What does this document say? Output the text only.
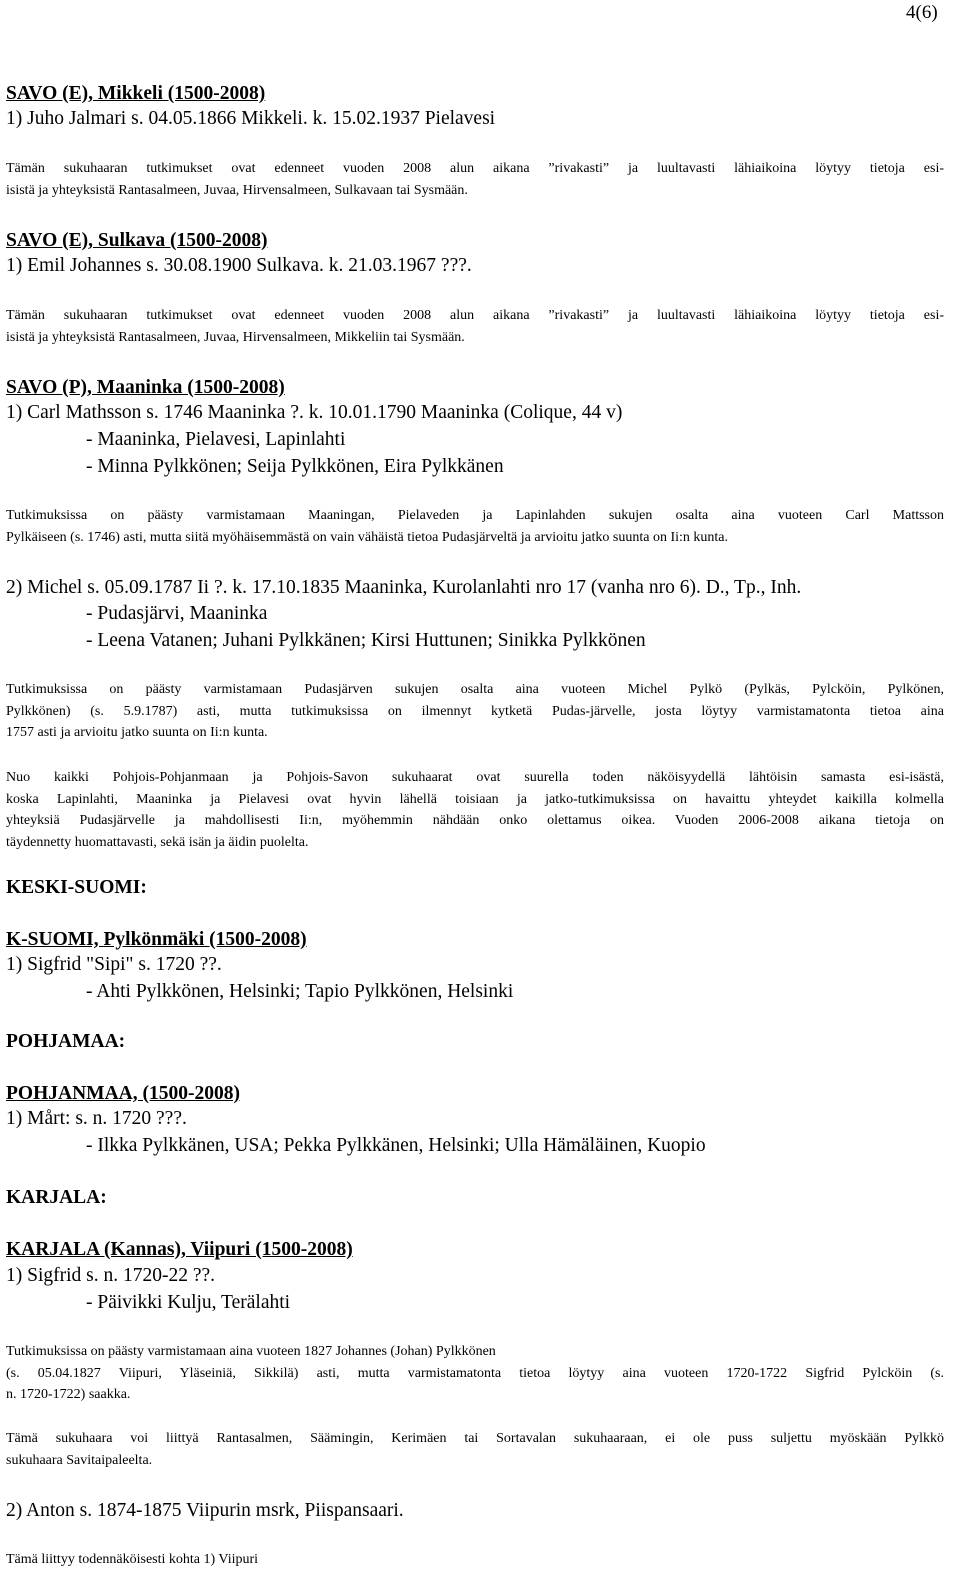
4(6)
SAVO (E), Mikkeli (1500-2008)
1) Juho Jalmari s. 04.05.1866 Mikkeli. k. 15.02.1937 Pielavesi
Tämän sukuhaaran tutkimukset ovat edenneet vuoden 2008 alun aikana ”rivakasti” ja luultavasti lähiaikoina löytyy tietoja esi-
isistä ja yhteyksistä Rantasalmeen, Juvaa, Hirvensalmeen, Sulkavaan tai Sysmään.
SAVO (E), Sulkava (1500-2008)
1) Emil Johannes s. 30.08.1900 Sulkava. k. 21.03.1967 ???.
Tämän sukuhaaran tutkimukset ovat edenneet vuoden 2008 alun aikana ”rivakasti” ja luultavasti lähiaikoina löytyy tietoja esi-
isistä ja yhteyksistä Rantasalmeen, Juvaa, Hirvensalmeen, Mikkeliin tai Sysmään.
SAVO (P), Maaninka (1500-2008)
1) Carl Mathsson s. 1746 Maaninka ?. k. 10.01.1790 Maaninka (Colique, 44 v)
- Maaninka, Pielavesi, Lapinlahti
- Minna Pylkkönen; Seija Pylkkönen, Eira Pylkkänen
Tutkimuksissa on päästy varmistamaan Maaningan, Pielaveden ja Lapinlahden sukujen osalta aina vuoteen Carl Mattsson
Pylkäiseen (s. 1746) asti, mutta siitä myöhäisemmästä on vain vähäistä tietoa Pudasjärveltä ja arvioitu jatko suunta on Ii:n kunta.
2) Michel s. 05.09.1787 Ii ?. k. 17.10.1835 Maaninka, Kurolanlahti nro 17 (vanha nro 6). D., Tp., Inh.
- Pudasjärvi, Maaninka
- Leena Vatanen; Juhani Pylkkänen; Kirsi Huttunen; Sinikka Pylkkönen
Tutkimuksissa on päästy varmistamaan Pudasjärven sukujen osalta aina vuoteen Michel Pylkö (Pylkäs, Pylcköin, Pylkönen,
Pylkkönen) (s. 5.9.1787) asti, mutta tutkimuksissa on ilmennyt kytketä Pudas-järvelle, josta löytyy varmistamatonta tietoa aina
1757 asti ja arvioitu jatko suunta on Ii:n kunta.
Nuo kaikki Pohjois-Pohjanmaan ja Pohjois-Savon sukuhaarat ovat suurella toden näköisyydellä lähtöisin samasta esi-isästä,
koska Lapinlahti, Maaninka ja Pielavesi ovat hyvin lähellä toisiaan ja jatko-tutkimuksissa on havaittu yhteydet kaikilla kolmella
yhteyksiä Pudasjärvelle ja mahdollisesti Ii:n, myöhemmin nähdään onko olettamus oikea. Vuoden 2006-2008 aikana tietoja on
täydennetty huomattavasti, sekä isän ja äidin puolelta.
KESKI-SUOMI:
K-SUOMI, Pylkönmäki (1500-2008)
1) Sigfrid "Sipi" s. 1720 ??.
- Ahti Pylkkönen, Helsinki; Tapio Pylkkönen, Helsinki
POHJAMAA:
POHJANMAA, (1500-2008)
1) Mårt: s. n. 1720 ???.
- Ilkka Pylkkänen, USA; Pekka Pylkkänen, Helsinki; Ulla Hämäläinen, Kuopio
KARJALA:
KARJALA (Kannas), Viipuri (1500-2008)
1) Sigfrid s. n. 1720-22 ??.
- Päivikki Kulju, Terälahti
Tutkimuksissa on päästy varmistamaan aina vuoteen 1827 Johannes (Johan) Pylkkönen
(s. 05.04.1827 Viipuri, Yläseiniä, Sikkilä) asti, mutta varmistamatonta tietoa löytyy aina vuoteen 1720-1722 Sigfrid Pylcköin (s.
n. 1720-1722) saakka.
Tämä sukuhaara voi liittyä Rantasalmen, Säämingin, Kerimäen tai Sortavalan sukuhaaraan, ei ole puss suljettu myöskään Pylkkö
sukuhaara Savitaipaleelta.
2) Anton s. 1874-1875 Viipurin msrk, Piispansaari.
Tämä liittyy todennäköisesti kohta 1) Viipuri
